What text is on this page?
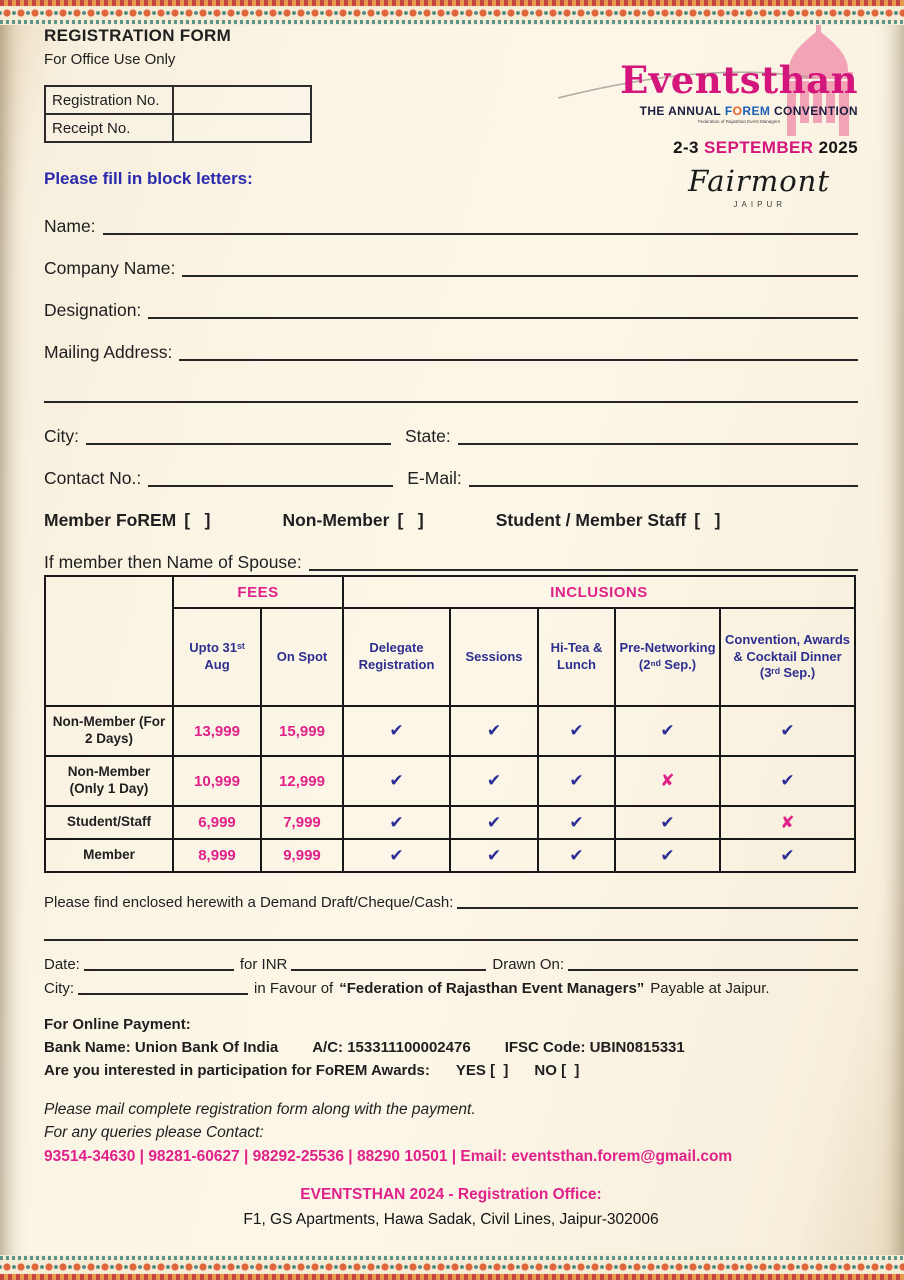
REGISTRATION FORM
For Office Use Only
Registration No.	
Receipt No.	
Please fill in block letters:
Eventsthan
THE ANNUAL FOREM CONVENTION
Federation of Rajasthan Event Managers
2-3 SEPTEMBER 2025
Fairmont
JAIPUR
Name:
Company Name:
Designation:
Mailing Address:
City:	State:
Contact No.:	E-Mail:
Member FoREM [   ]	Non-Member [   ]	Student / Member Staff [   ]
If member then Name of Spouse:
	FEES		INCLUSIONS				
	Upto 31ˢᵗ Aug	On Spot	Delegate Registration	Sessions	Hi-Tea & Lunch	Pre-Networking (2ⁿᵈ Sep.)	Convention, Awards & Cocktail Dinner (3ʳᵈ Sep.)
Non-Member (For 2 Days)	13,999	15,999	✔	✔	✔	✔	✔
Non-Member (Only 1 Day)	10,999	12,999	✔	✔	✔	✘	✔
Student/Staff	6,999	7,999	✔	✔	✔	✔	✘
Member	8,999	9,999	✔	✔	✔	✔	✔
Please find enclosed herewith a Demand Draft/Cheque/Cash:
Date:	for INR	Drawn On:
City:	in Favour of “Federation of Rajasthan Event Managers” Payable at Jaipur.
For Online Payment:
Bank Name: Union Bank Of India A/C: 153311100002476 IFSC Code: UBIN0815331
Are you interested in participation for FoREM Awards: YES [  ] NO [  ]
Please mail complete registration form along with the payment.
For any queries please Contact:
93514-34630 | 98281-60627 | 98292-25536 | 88290 10501 | Email: eventsthan.forem@gmail.com
EVENTSTHAN 2024 - Registration Office:
F1, GS Apartments, Hawa Sadak, Civil Lines, Jaipur-302006
